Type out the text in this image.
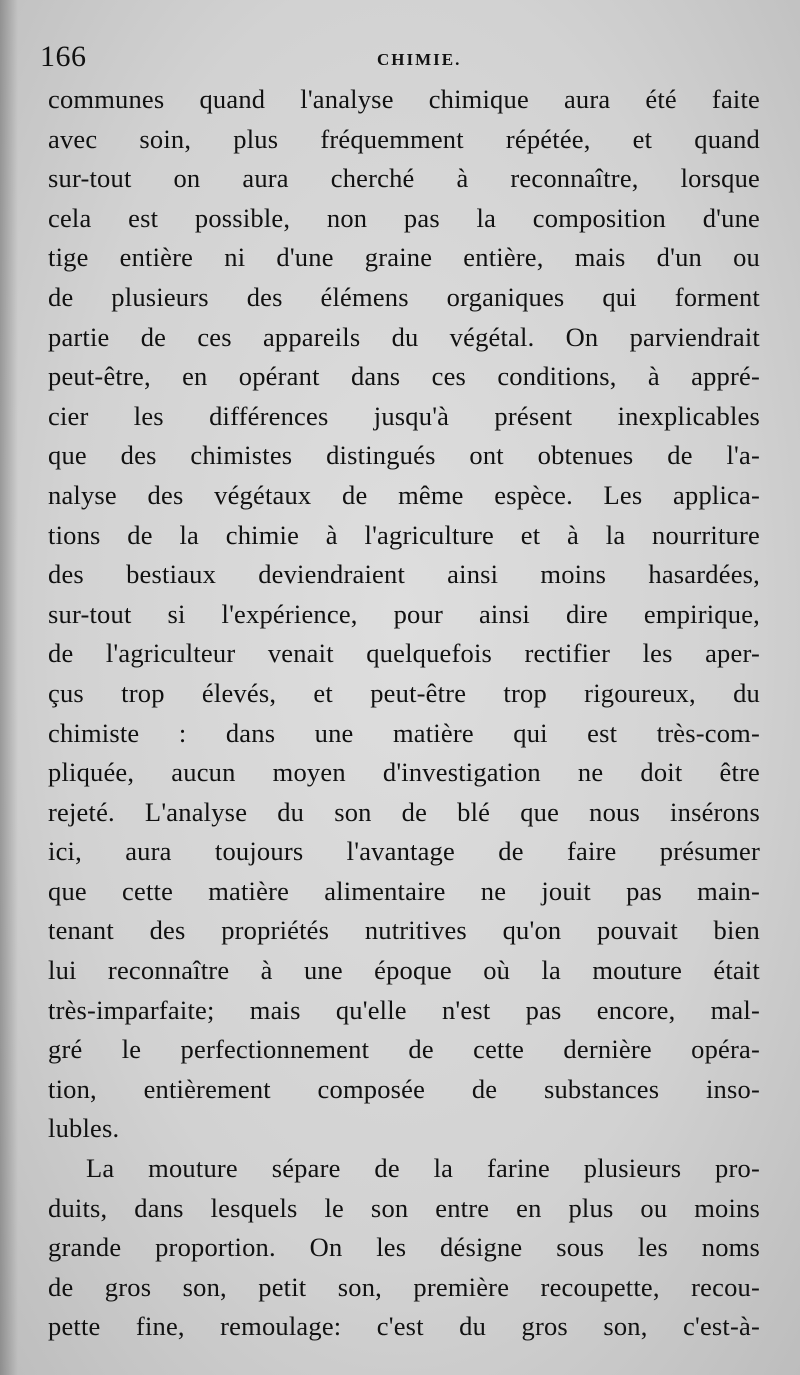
166	CHIMIE.
communes quand l'analyse chimique aura été faite
avec soin, plus fréquemment répétée, et quand
sur-tout on aura cherché à reconnaître, lorsque
cela est possible, non pas la composition d'une
tige entière ni d'une graine entière, mais d'un ou
de plusieurs des élémens organiques qui forment
partie de ces appareils du végétal. On parviendrait
peut-être, en opérant dans ces conditions, à appré-
cier les différences jusqu'à présent inexplicables
que des chimistes distingués ont obtenues de l'a-
nalyse des végétaux de même espèce. Les applica-
tions de la chimie à l'agriculture et à la nourriture
des bestiaux deviendraient ainsi moins hasardées,
sur-tout si l'expérience, pour ainsi dire empirique,
de l'agriculteur venait quelquefois rectifier les aper-
çus trop élevés, et peut-être trop rigoureux, du
chimiste : dans une matière qui est très-com-
pliquée, aucun moyen d'investigation ne doit être
rejeté. L'analyse du son de blé que nous insérons
ici, aura toujours l'avantage de faire présumer
que cette matière alimentaire ne jouit pas main-
tenant des propriétés nutritives qu'on pouvait bien
lui reconnaître à une époque où la mouture était
très-imparfaite; mais qu'elle n'est pas encore, mal-
gré le perfectionnement de cette dernière opéra-
tion, entièrement composée de substances inso-
lubles.
La mouture sépare de la farine plusieurs pro-
duits, dans lesquels le son entre en plus ou moins
grande proportion. On les désigne sous les noms
de gros son, petit son, première recoupette, recou-
pette fine, remoulage: c'est du gros son, c'est-à-
